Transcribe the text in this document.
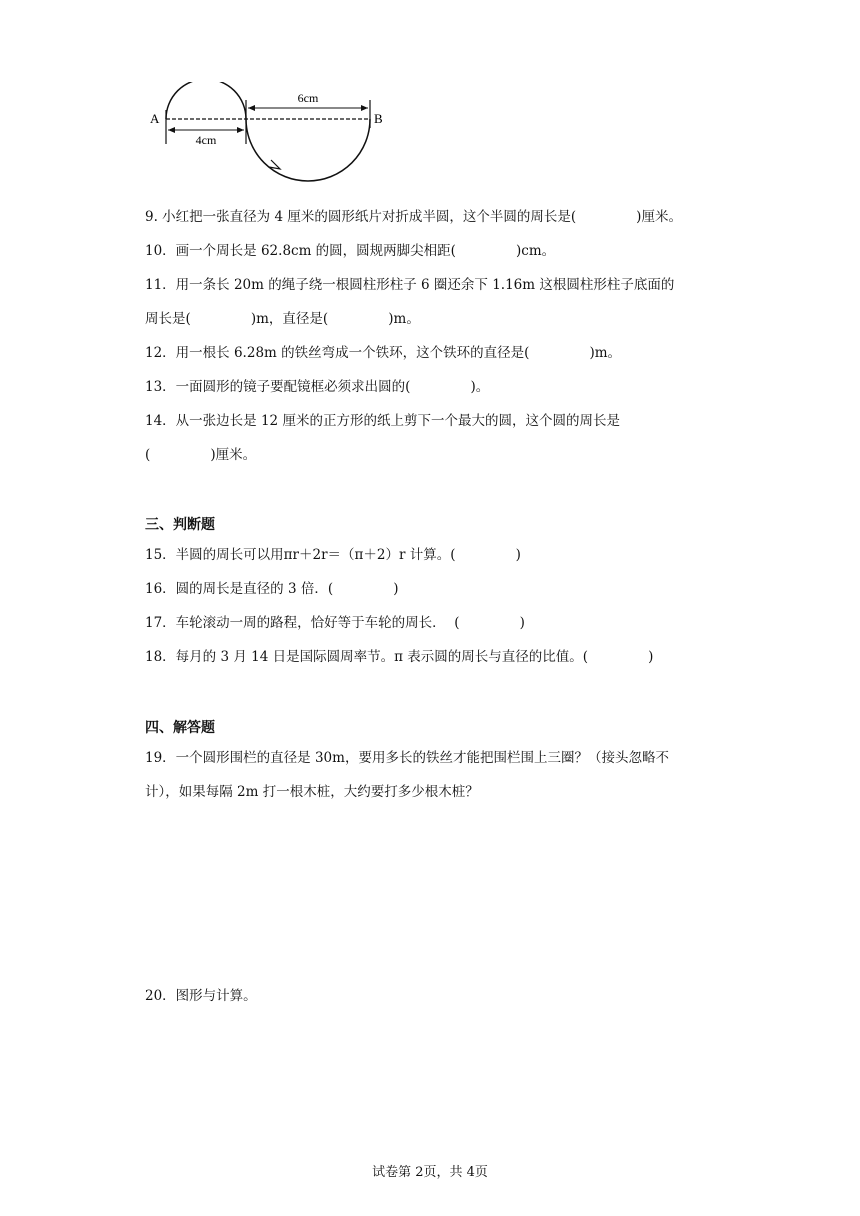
6cm
4cm
A	B
9. 小红把一张直径为 4 厘米的圆形纸片对折成半圆，这个半圆的周长是(              )厘米。
10．画一个周长是 62.8cm 的圆，圆规两脚尖相距(              )cm。
11．用一条长 20m 的绳子绕一根圆柱形柱子 6 圈还余下 1.16m 这根圆柱形柱子底面的
周长是(              )m，直径是(              )m。
12．用一根长 6.28m 的铁丝弯成一个铁环，这个铁环的直径是(              )m。
13．一面圆形的镜子要配镜框必须求出圆的(              )。
14．从一张边长是 12 厘米的正方形的纸上剪下一个最大的圆，这个圆的周长是
(              )厘米。
三、判断题
15．半圆的周长可以用πr＋2r＝（π＋2）r 计算。(              )
16．圆的周长是直径的 3 倍．(              )
17．车轮滚动一周的路程，恰好等于车轮的周长．  (              )
18．每月的 3 月 14 日是国际圆周率节。π 表示圆的周长与直径的比值。(              )
四、解答题
19．一个圆形围栏的直径是 30m，要用多长的铁丝才能把围栏围上三圈？（接头忽略不
计），如果每隔 2m 打一根木桩，大约要打多少根木桩？
20．图形与计算。
试卷第 2页，共 4页
